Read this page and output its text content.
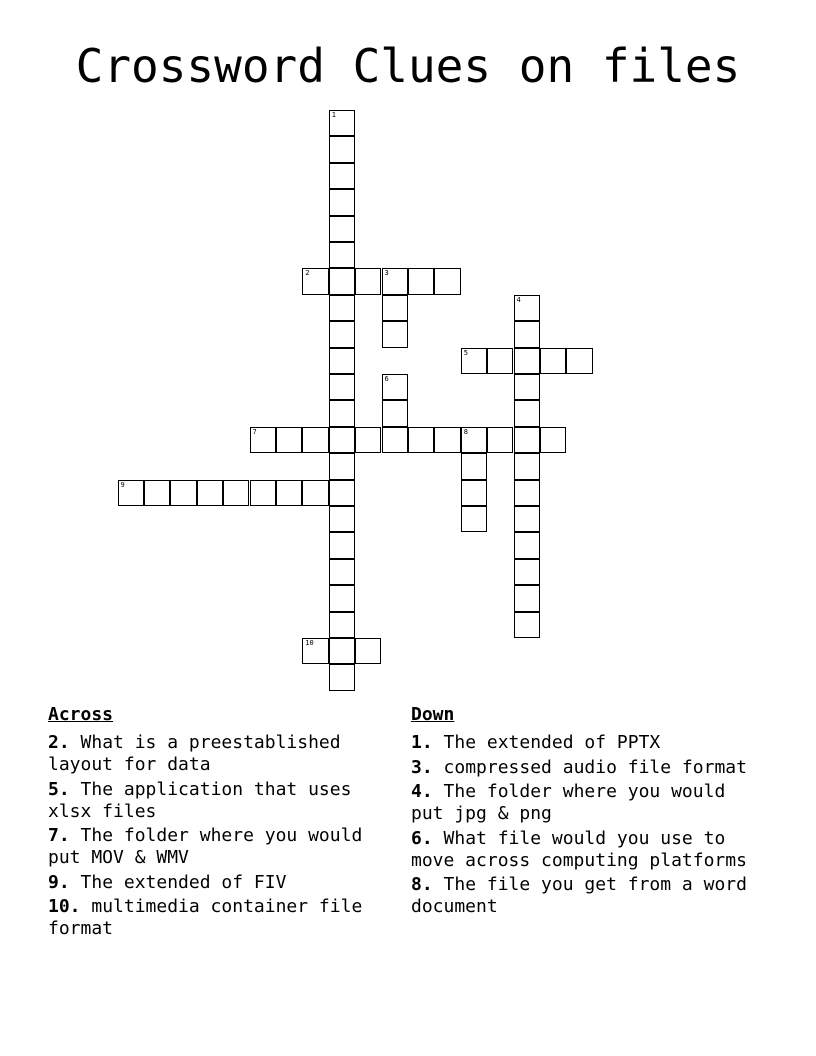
Crossword Clues on files
1
2	3
4
5
6
7	8
9
10
Across
2. What is a preestablished layout for data
5. The application that uses xlsx files
7. The folder where you would put MOV & WMV
9. The extended of FIV
10. multimedia container file format
Down
1. The extended of PPTX
3. compressed audio file format
4. The folder where you would put jpg & png
6. What file would you use to move across computing platforms
8. The file you get from a word document
